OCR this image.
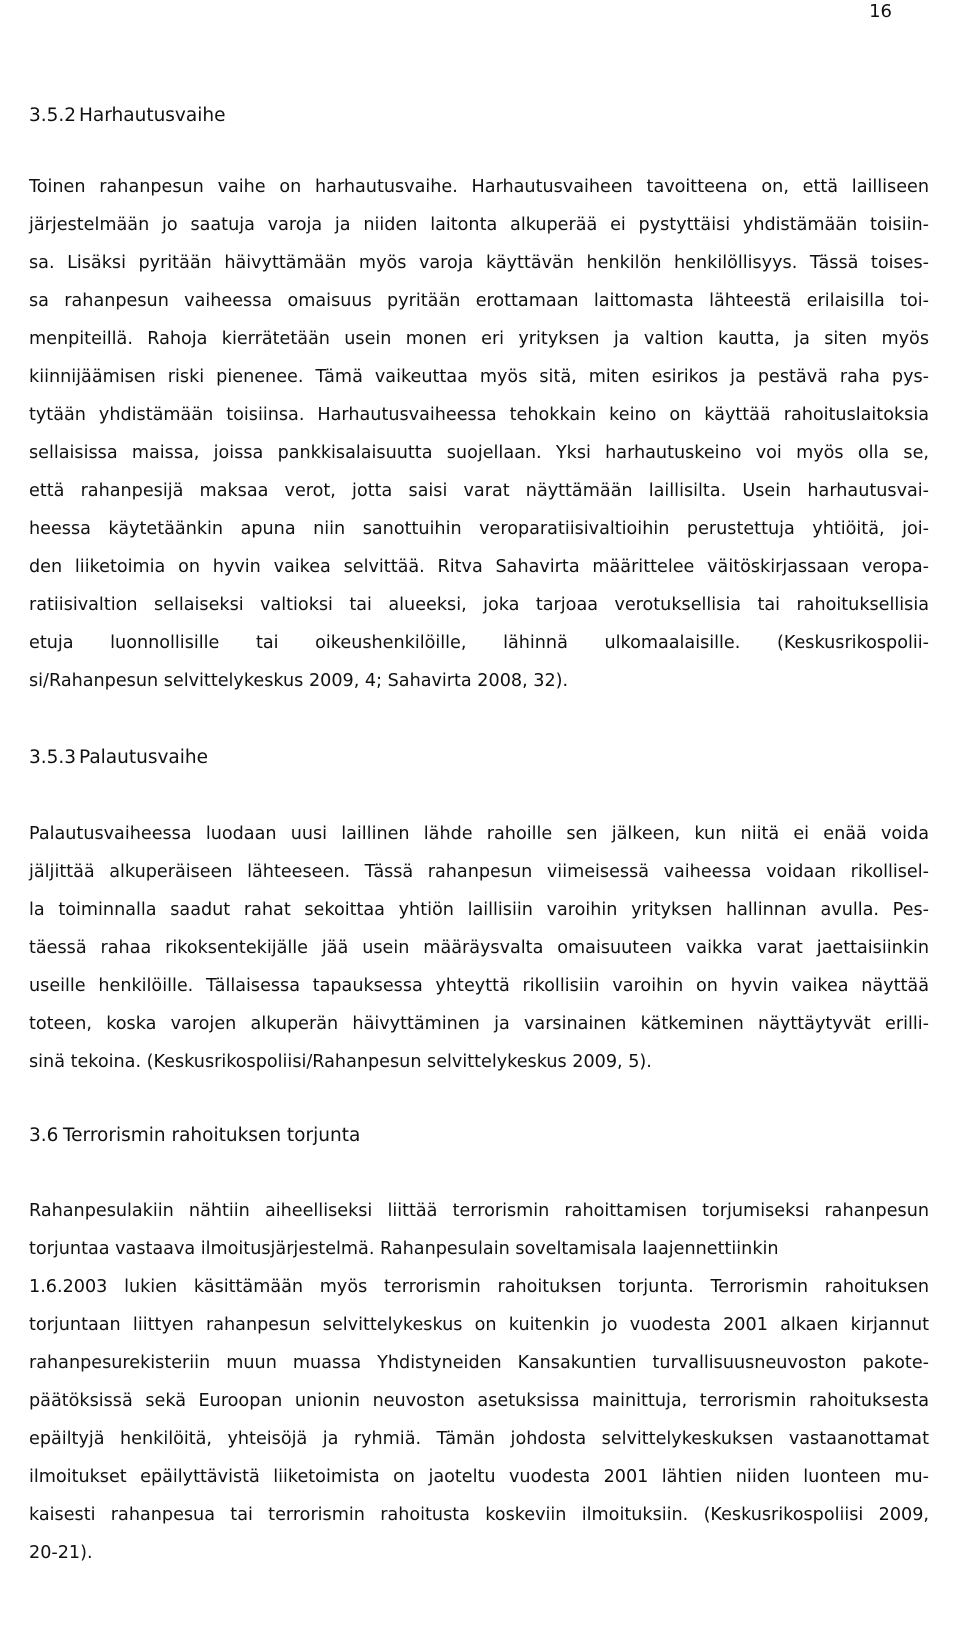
16
3.5.2 Harhautusvaihe
Toinen rahanpesun vaihe on harhautusvaihe. Harhautusvaiheen tavoitteena on, että lailliseen
järjestelmään jo saatuja varoja ja niiden laitonta alkuperää ei pystyttäisi yhdistämään toisiin-
sa. Lisäksi pyritään häivyttämään myös varoja käyttävän henkilön henkilöllisyys. Tässä toises-
sa rahanpesun vaiheessa omaisuus pyritään erottamaan laittomasta lähteestä erilaisilla toi-
menpiteillä. Rahoja kierrätetään usein monen eri yrityksen ja valtion kautta, ja siten myös
kiinnijäämisen riski pienenee. Tämä vaikeuttaa myös sitä, miten esirikos ja pestävä raha pys-
tytään yhdistämään toisiinsa. Harhautusvaiheessa tehokkain keino on käyttää rahoituslaitoksia
sellaisissa maissa, joissa pankkisalaisuutta suojellaan. Yksi harhautuskeino voi myös olla se,
että rahanpesijä maksaa verot, jotta saisi varat näyttämään laillisilta. Usein harhautusvai-
heessa käytetäänkin apuna niin sanottuihin veroparatiisivaltioihin perustettuja yhtiöitä, joi-
den liiketoimia on hyvin vaikea selvittää. Ritva Sahavirta määrittelee väitöskirjassaan veropa-
ratiisivaltion sellaiseksi valtioksi tai alueeksi, joka tarjoaa verotuksellisia tai rahoituksellisia
etuja luonnollisille tai oikeushenkilöille, lähinnä ulkomaalaisille. (Keskusrikospolii-
si/Rahanpesun selvittelykeskus 2009, 4; Sahavirta 2008, 32).
3.5.3 Palautusvaihe
Palautusvaiheessa luodaan uusi laillinen lähde rahoille sen jälkeen, kun niitä ei enää voida
jäljittää alkuperäiseen lähteeseen. Tässä rahanpesun viimeisessä vaiheessa voidaan rikollisel-
la toiminnalla saadut rahat sekoittaa yhtiön laillisiin varoihin yrityksen hallinnan avulla. Pes-
täessä rahaa rikoksentekijälle jää usein määräysvalta omaisuuteen vaikka varat jaettaisiinkin
useille henkilöille. Tällaisessa tapauksessa yhteyttä rikollisiin varoihin on hyvin vaikea näyttää
toteen, koska varojen alkuperän häivyttäminen ja varsinainen kätkeminen näyttäytyvät erilli-
sinä tekoina. (Keskusrikospoliisi/Rahanpesun selvittelykeskus 2009, 5).
3.6 Terrorismin rahoituksen torjunta
Rahanpesulakiin nähtiin aiheelliseksi liittää terrorismin rahoittamisen torjumiseksi rahanpesun
torjuntaa vastaava ilmoitusjärjestelmä. Rahanpesulain soveltamisala laajennettiinkin
1.6.2003 lukien käsittämään myös terrorismin rahoituksen torjunta. Terrorismin rahoituksen
torjuntaan liittyen rahanpesun selvittelykeskus on kuitenkin jo vuodesta 2001 alkaen kirjannut
rahanpesurekisteriin muun muassa Yhdistyneiden Kansakuntien turvallisuusneuvoston pakote-
päätöksissä sekä Euroopan unionin neuvoston asetuksissa mainittuja, terrorismin rahoituksesta
epäiltyjä henkilöitä, yhteisöjä ja ryhmiä. Tämän johdosta selvittelykeskuksen vastaanottamat
ilmoitukset epäilyttävistä liiketoimista on jaoteltu vuodesta 2001 lähtien niiden luonteen mu-
kaisesti rahanpesua tai terrorismin rahoitusta koskeviin ilmoituksiin. (Keskusrikospoliisi 2009,
20-21).
